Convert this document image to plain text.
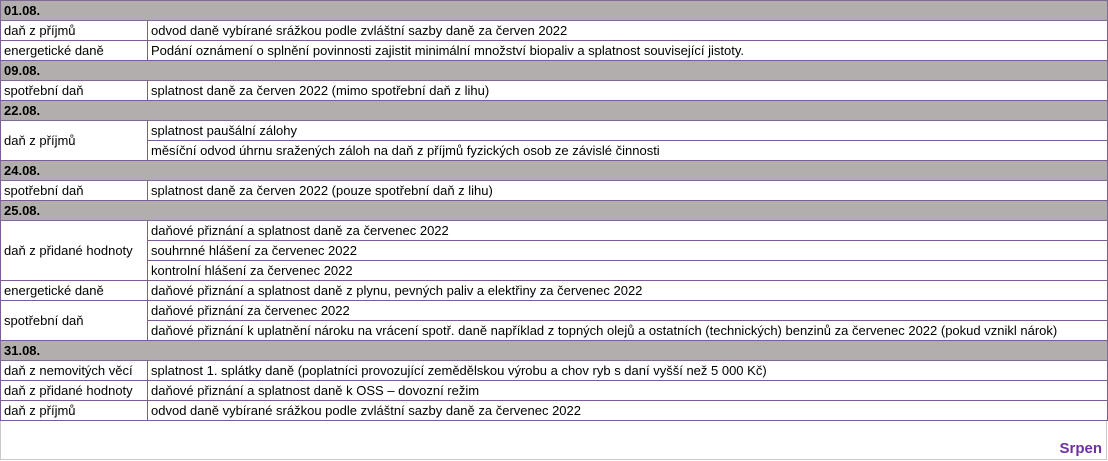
01.08.	
daň z příjmů	odvod daně vybírané srážkou podle zvláštní sazby daně za červen 2022
energetické daně	Podání oznámení o splnění povinnosti zajistit minimální množství biopaliv a splatnost související jistoty.
09.08.	
spotřební daň	splatnost daně za červen 2022 (mimo spotřební daň z lihu)
22.08.	
daň z příjmů	splatnost paušální zálohy
	měsíční odvod úhrnu sražených záloh na daň z příjmů fyzických osob ze závislé činnosti
24.08.	
spotřební daň	splatnost daně za červen 2022 (pouze spotřební daň z lihu)
25.08.	
daň z přidané hodnoty	daňové přiznání a splatnost daně za červenec 2022
	souhrnné hlášení za červenec 2022
	kontrolní hlášení za červenec 2022
energetické daně	daňové přiznání a splatnost daně z plynu, pevných paliv a elektřiny za červenec 2022
spotřební daň	daňové přiznání za červenec 2022
	daňové přiznání k uplatnění nároku na vrácení spotř. daně například z topných olejů a ostatních (technických) benzinů za červenec 2022 (pokud vznikl nárok)
31.08.	
daň z nemovitých věcí	splatnost 1. splátky daně (poplatníci provozující zemědělskou výrobu a chov ryb s daní vyšší než 5 000 Kč)
daň z přidané hodnoty	daňové přiznání a splatnost daně k OSS – dovozní režim
daň z příjmů	odvod daně vybírané srážkou podle zvláštní sazby daně za červenec 2022
Srpen
